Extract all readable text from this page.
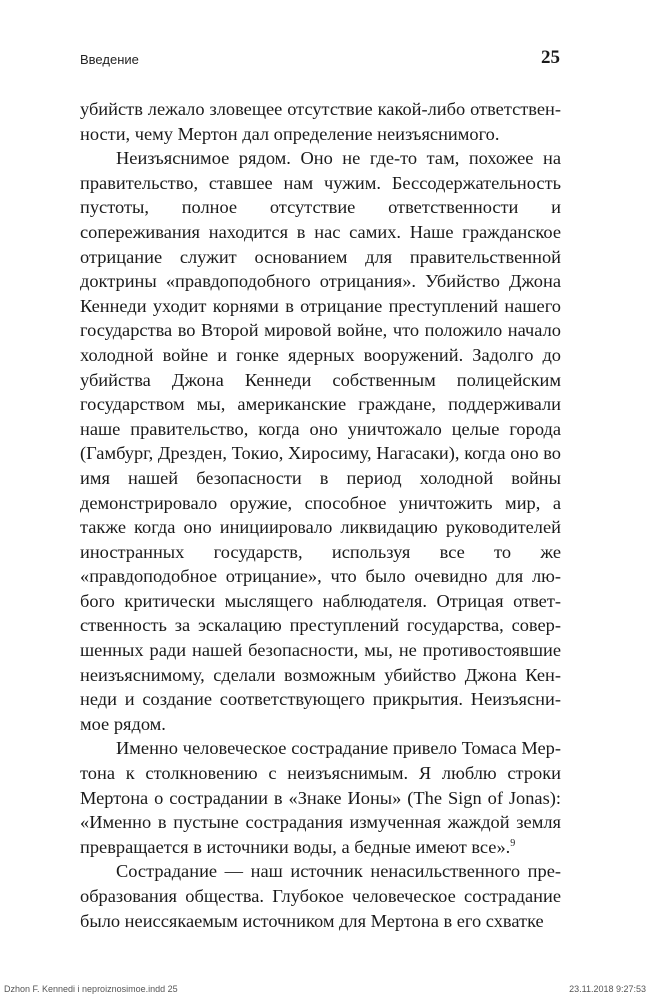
Введение	25

убийств лежало зловещее отсутствие какой-либо ответственности, чему Мертон дал определение неизъяснимого.

Неизъяснимое рядом. Оно не где-то там, похожее на правительство, ставшее нам чужим. Бессодержательность пустоты, полное отсутствие ответственности и сопереживания находится в нас самих. Наше гражданское отрицание служит основанием для правительственной доктрины «правдоподобного отрицания». Убийство Джона Кеннеди уходит корнями в отрицание преступлений нашего государства во Второй мировой войне, что положило начало холодной войне и гонке ядерных вооружений. Задолго до убийства Джона Кеннеди собственным полицейским государством мы, американские граждане, поддерживали наше правительство, когда оно уничтожало целые города (Гамбург, Дрезден, Токио, Хиросиму, Нагасаки), когда оно во имя нашей безопасности в период холодной войны демонстрировало оружие, способное уничтожить мир, а также когда оно инициировало ликвидацию руководителей иностранных государств, используя все то же «правдоподобное отрицание», что было очевидно для любого критически мыслящего наблюдателя. Отрицая ответственность за эскалацию преступлений государства, совершенных ради нашей безопасности, мы, не противостоявшие неизъяснимому, сделали возможным убийство Джона Кеннеди и создание соответствующего прикрытия. Неизъяснимое рядом.

Именно человеческое сострадание привело Томаса Мертона к столкновению с неизъяснимым. Я люблю строки Мертона о сострадании в «Знаке Ионы» (The Sign of Jonas): «Именно в пустыне сострадания измученная жаждой земля превращается в источники воды, а бедные имеют все».$^9$

Сострадание — наш источник ненасильственного преобразования общества. Глубокое человеческое сострадание было неиссякаемым источником для Мертона в его схватке

Dzhon F. Kennedi i neproiznosimoe.indd 25	23.11.2018 9:27:53
